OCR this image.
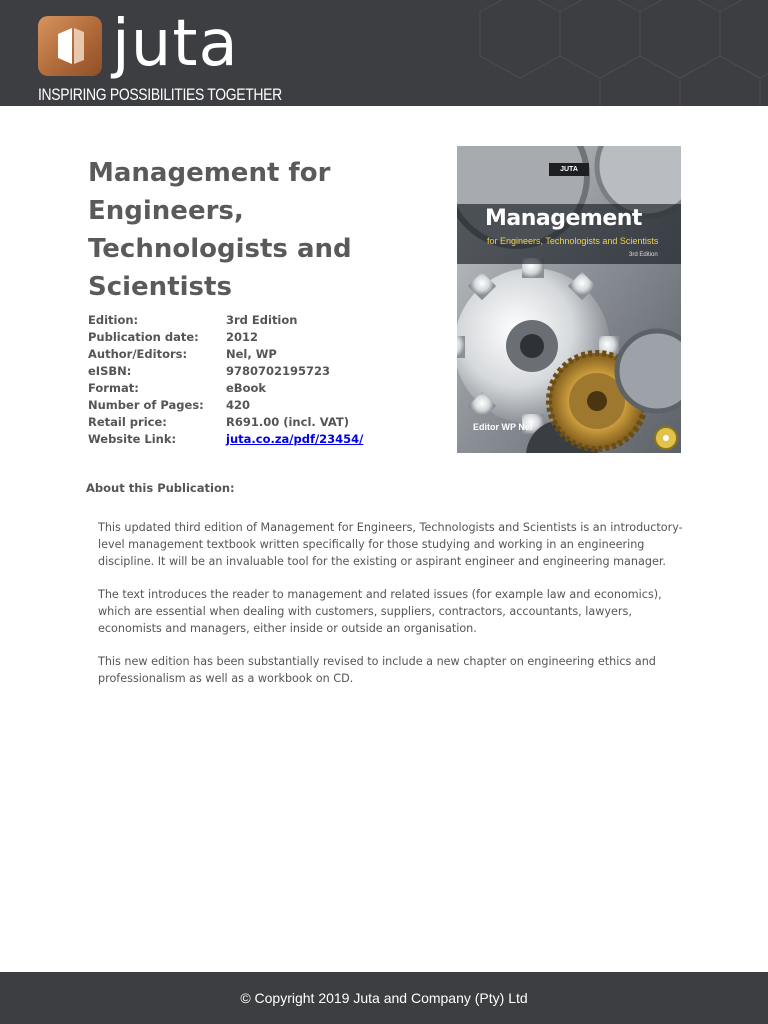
juta
INSPIRING POSSIBILITIES TOGETHER
Management for Engineers, Technologists and Scientists
Edition:	3rd Edition
Publication date:	2012
Author/Editors:	Nel, WP
eISBN:	9780702195723
Format:	eBook
Number of Pages:	420
Retail price:	R691.00 (incl. VAT)
Website Link:	juta.co.za/pdf/23454/
JUTA
Management
for Engineers, Technologists and Scientists
3rd Edition
Editor WP Nel
About this Publication:

This updated third edition of Management for Engineers, Technologists and Scientists is an introductory-level management textbook written specifically for those studying and working in an engineering discipline. It will be an invaluable tool for the existing or aspirant engineer and engineering manager.

The text introduces the reader to management and related issues (for example law and economics), which are essential when dealing with customers, suppliers, contractors, accountants, lawyers, economists and managers, either inside or outside an organisation.

This new edition has been substantially revised to include a new chapter on engineering ethics and professionalism as well as a workbook on CD.

© Copyright 2019 Juta and Company (Pty) Ltd
